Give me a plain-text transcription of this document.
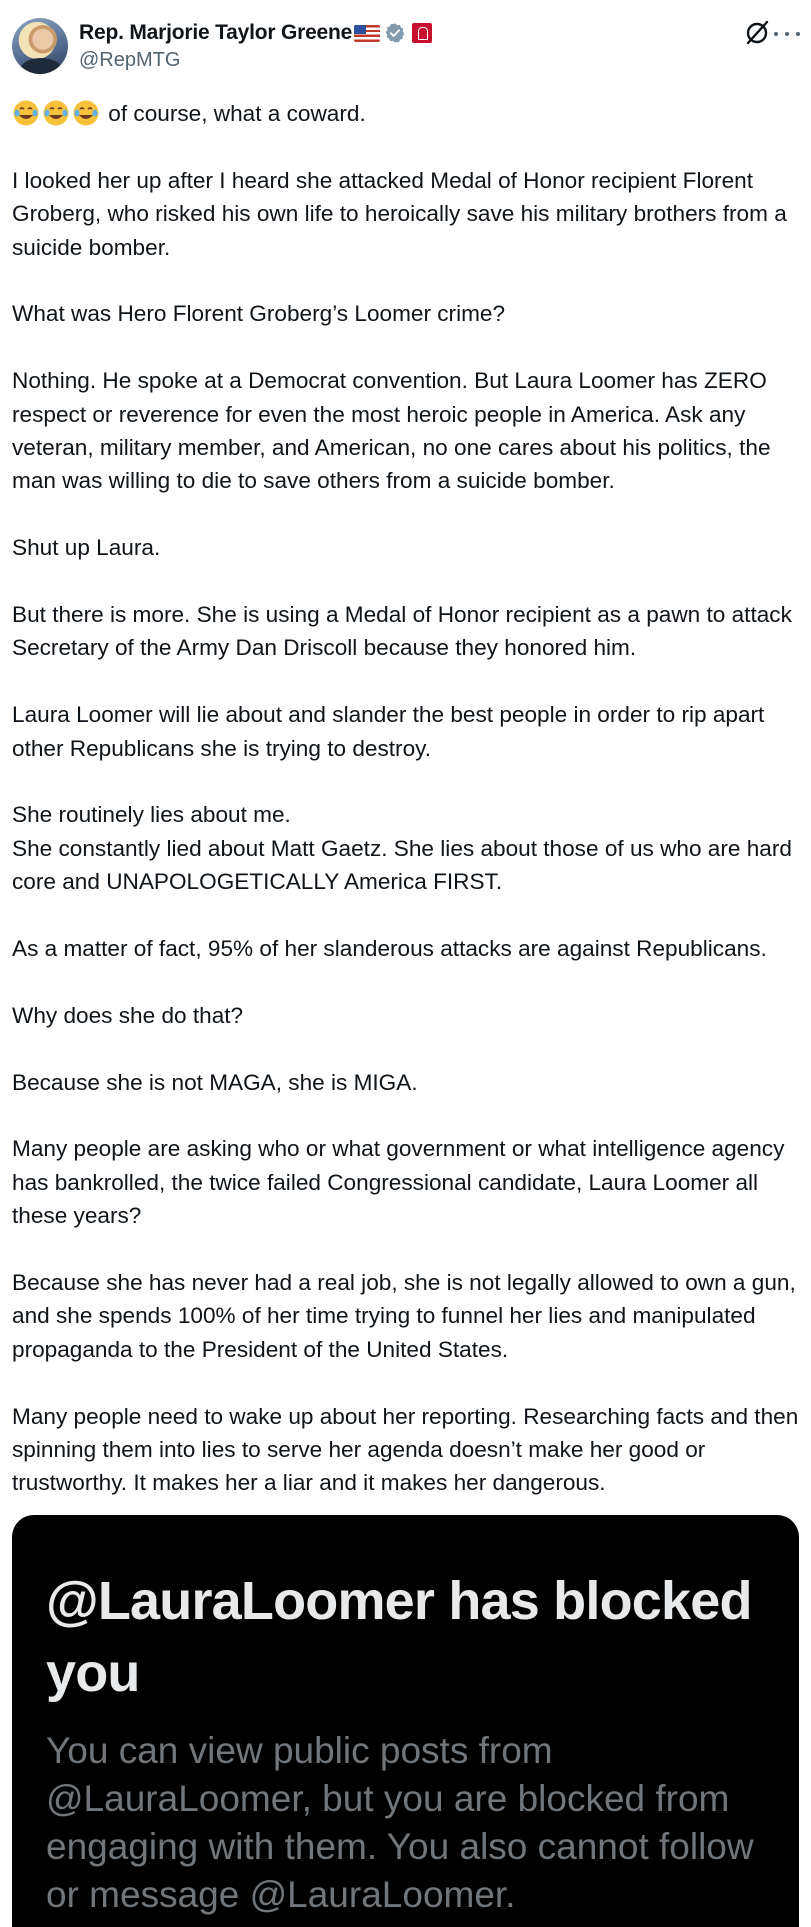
Rep. Marjorie Taylor Greene
@RepMTG

of course, what a coward.

I looked her up after I heard she attacked Medal of Honor recipient Florent Groberg, who risked his own life to heroically save his military brothers from a suicide bomber.

What was Hero Florent Groberg’s Loomer crime?

Nothing. He spoke at a Democrat convention. But Laura Loomer has ZERO respect or reverence for even the most heroic people in America. Ask any veteran, military member, and American, no one cares about his politics, the man was willing to die to save others from a suicide bomber.

Shut up Laura.

But there is more. She is using a Medal of Honor recipient as a pawn to attack Secretary of the Army Dan Driscoll because they honored him.

Laura Loomer will lie about and slander the best people in order to rip apart other Republicans she is trying to destroy.

She routinely lies about me.

She constantly lied about Matt Gaetz. She lies about those of us who are hard core and UNAPOLOGETICALLY America FIRST.

As a matter of fact, 95% of her slanderous attacks are against Republicans.

Why does she do that?

Because she is not MAGA, she is MIGA.

Many people are asking who or what government or what intelligence agency has bankrolled, the twice failed Congressional candidate, Laura Loomer all these years?

Because she has never had a real job, she is not legally allowed to own a gun, and she spends 100% of her time trying to funnel her lies and manipulated propaganda to the President of the United States.

Many people need to wake up about her reporting. Researching facts and then spinning them into lies to serve her agenda doesn’t make her good or trustworthy. It makes her a liar and it makes her dangerous.

@LauraLoomer has blocked you
You can view public posts from @LauraLoomer, but you are blocked from engaging with them. You also cannot follow or message @LauraLoomer.
